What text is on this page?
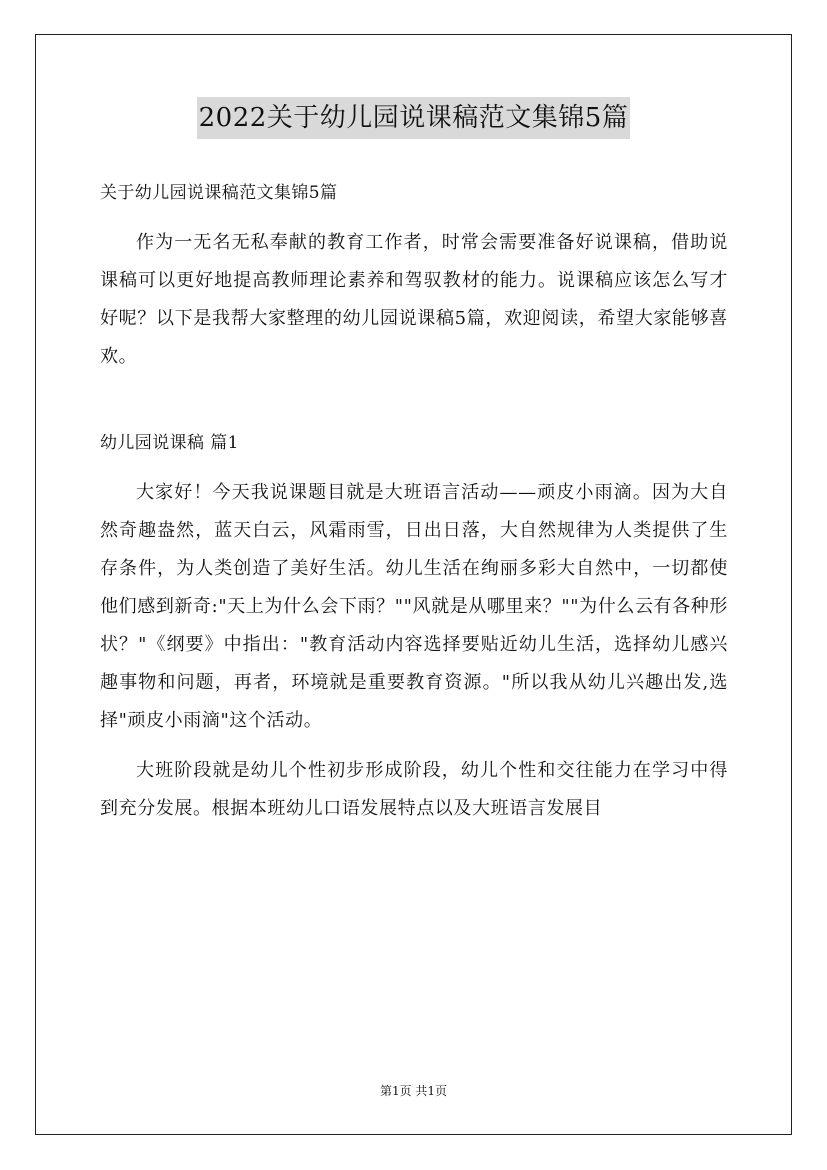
2022关于幼儿园说课稿范文集锦5篇

关于幼儿园说课稿范文集锦5篇

作为一无名无私奉献的教育工作者，时常会需要准备好说课稿，借助说课稿可以更好地提高教师理论素养和驾驭教材的能力。说课稿应该怎么写才好呢？以下是我帮大家整理的幼儿园说课稿5篇，欢迎阅读，希望大家能够喜欢。

幼儿园说课稿 篇1

大家好！今天我说课题目就是大班语言活动——顽皮小雨滴。因为大自然奇趣盎然，蓝天白云，风霜雨雪，日出日落，大自然规律为人类提供了生存条件，为人类创造了美好生活。幼儿生活在绚丽多彩大自然中，一切都使他们感到新奇:"天上为什么会下雨？""风就是从哪里来？""为什么云有各种形状？"《纲要》中指出："教育活动内容选择要贴近幼儿生活，选择幼儿感兴趣事物和问题，再者，环境就是重要教育资源。"所以我从幼儿兴趣出发,选择"顽皮小雨滴"这个活动。

大班阶段就是幼儿个性初步形成阶段，幼儿个性和交往能力在学习中得到充分发展。根据本班幼儿口语发展特点以及大班语言发展目

第1页 共1页
